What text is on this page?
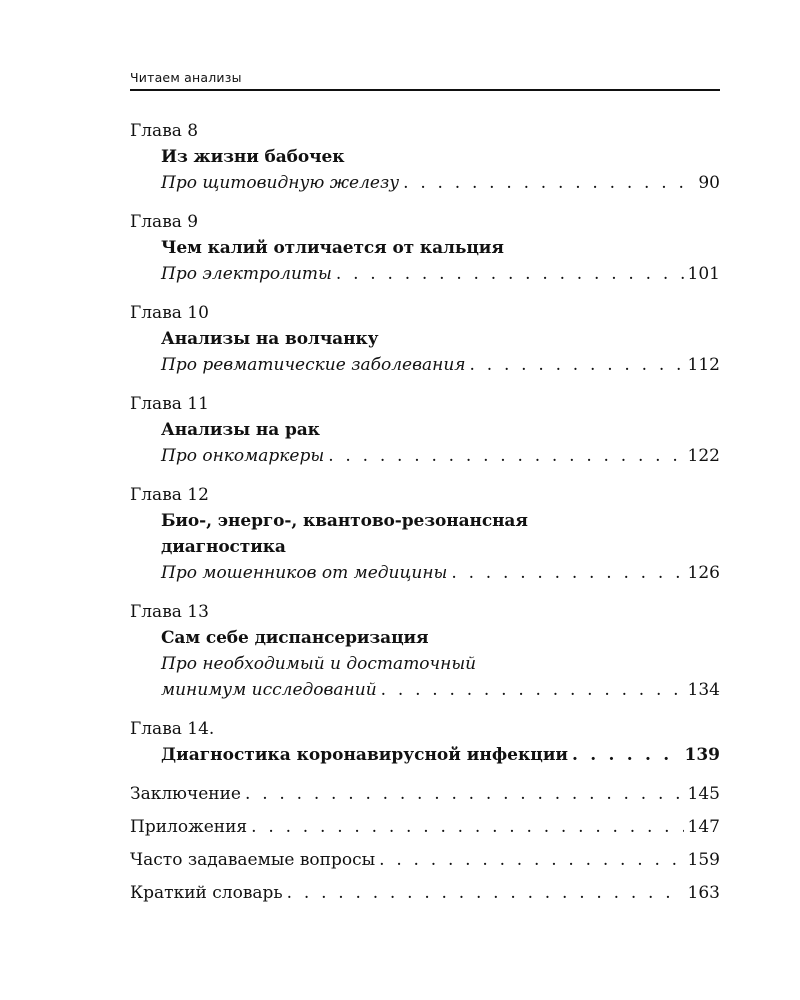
Читаем анализы
Глава 8
Из жизни бабочек
Про щитовидную железу . . .	90
Глава 9
Чем калий отличается от кальция
Про электролиты . . .	101
Глава 10
Анализы на волчанку
Про ревматические заболевания . . .	112
Глава 11
Анализы на рак
Про онкомаркеры . . .	122
Глава 12
Био-, энерго-, квантово-резонансная
диагностика
Про мошенников от медицины . . .	126
Глава 13
Сам себе диспансеризация
Про необходимый и достаточный
минимум исследований . . .	134
Глава 14.
Диагностика коронавирусной инфекции . . .	139
Заключение . . .	145
Приложения . . .	147
Часто задаваемые вопросы . . .	159
Краткий словарь . . .	163
